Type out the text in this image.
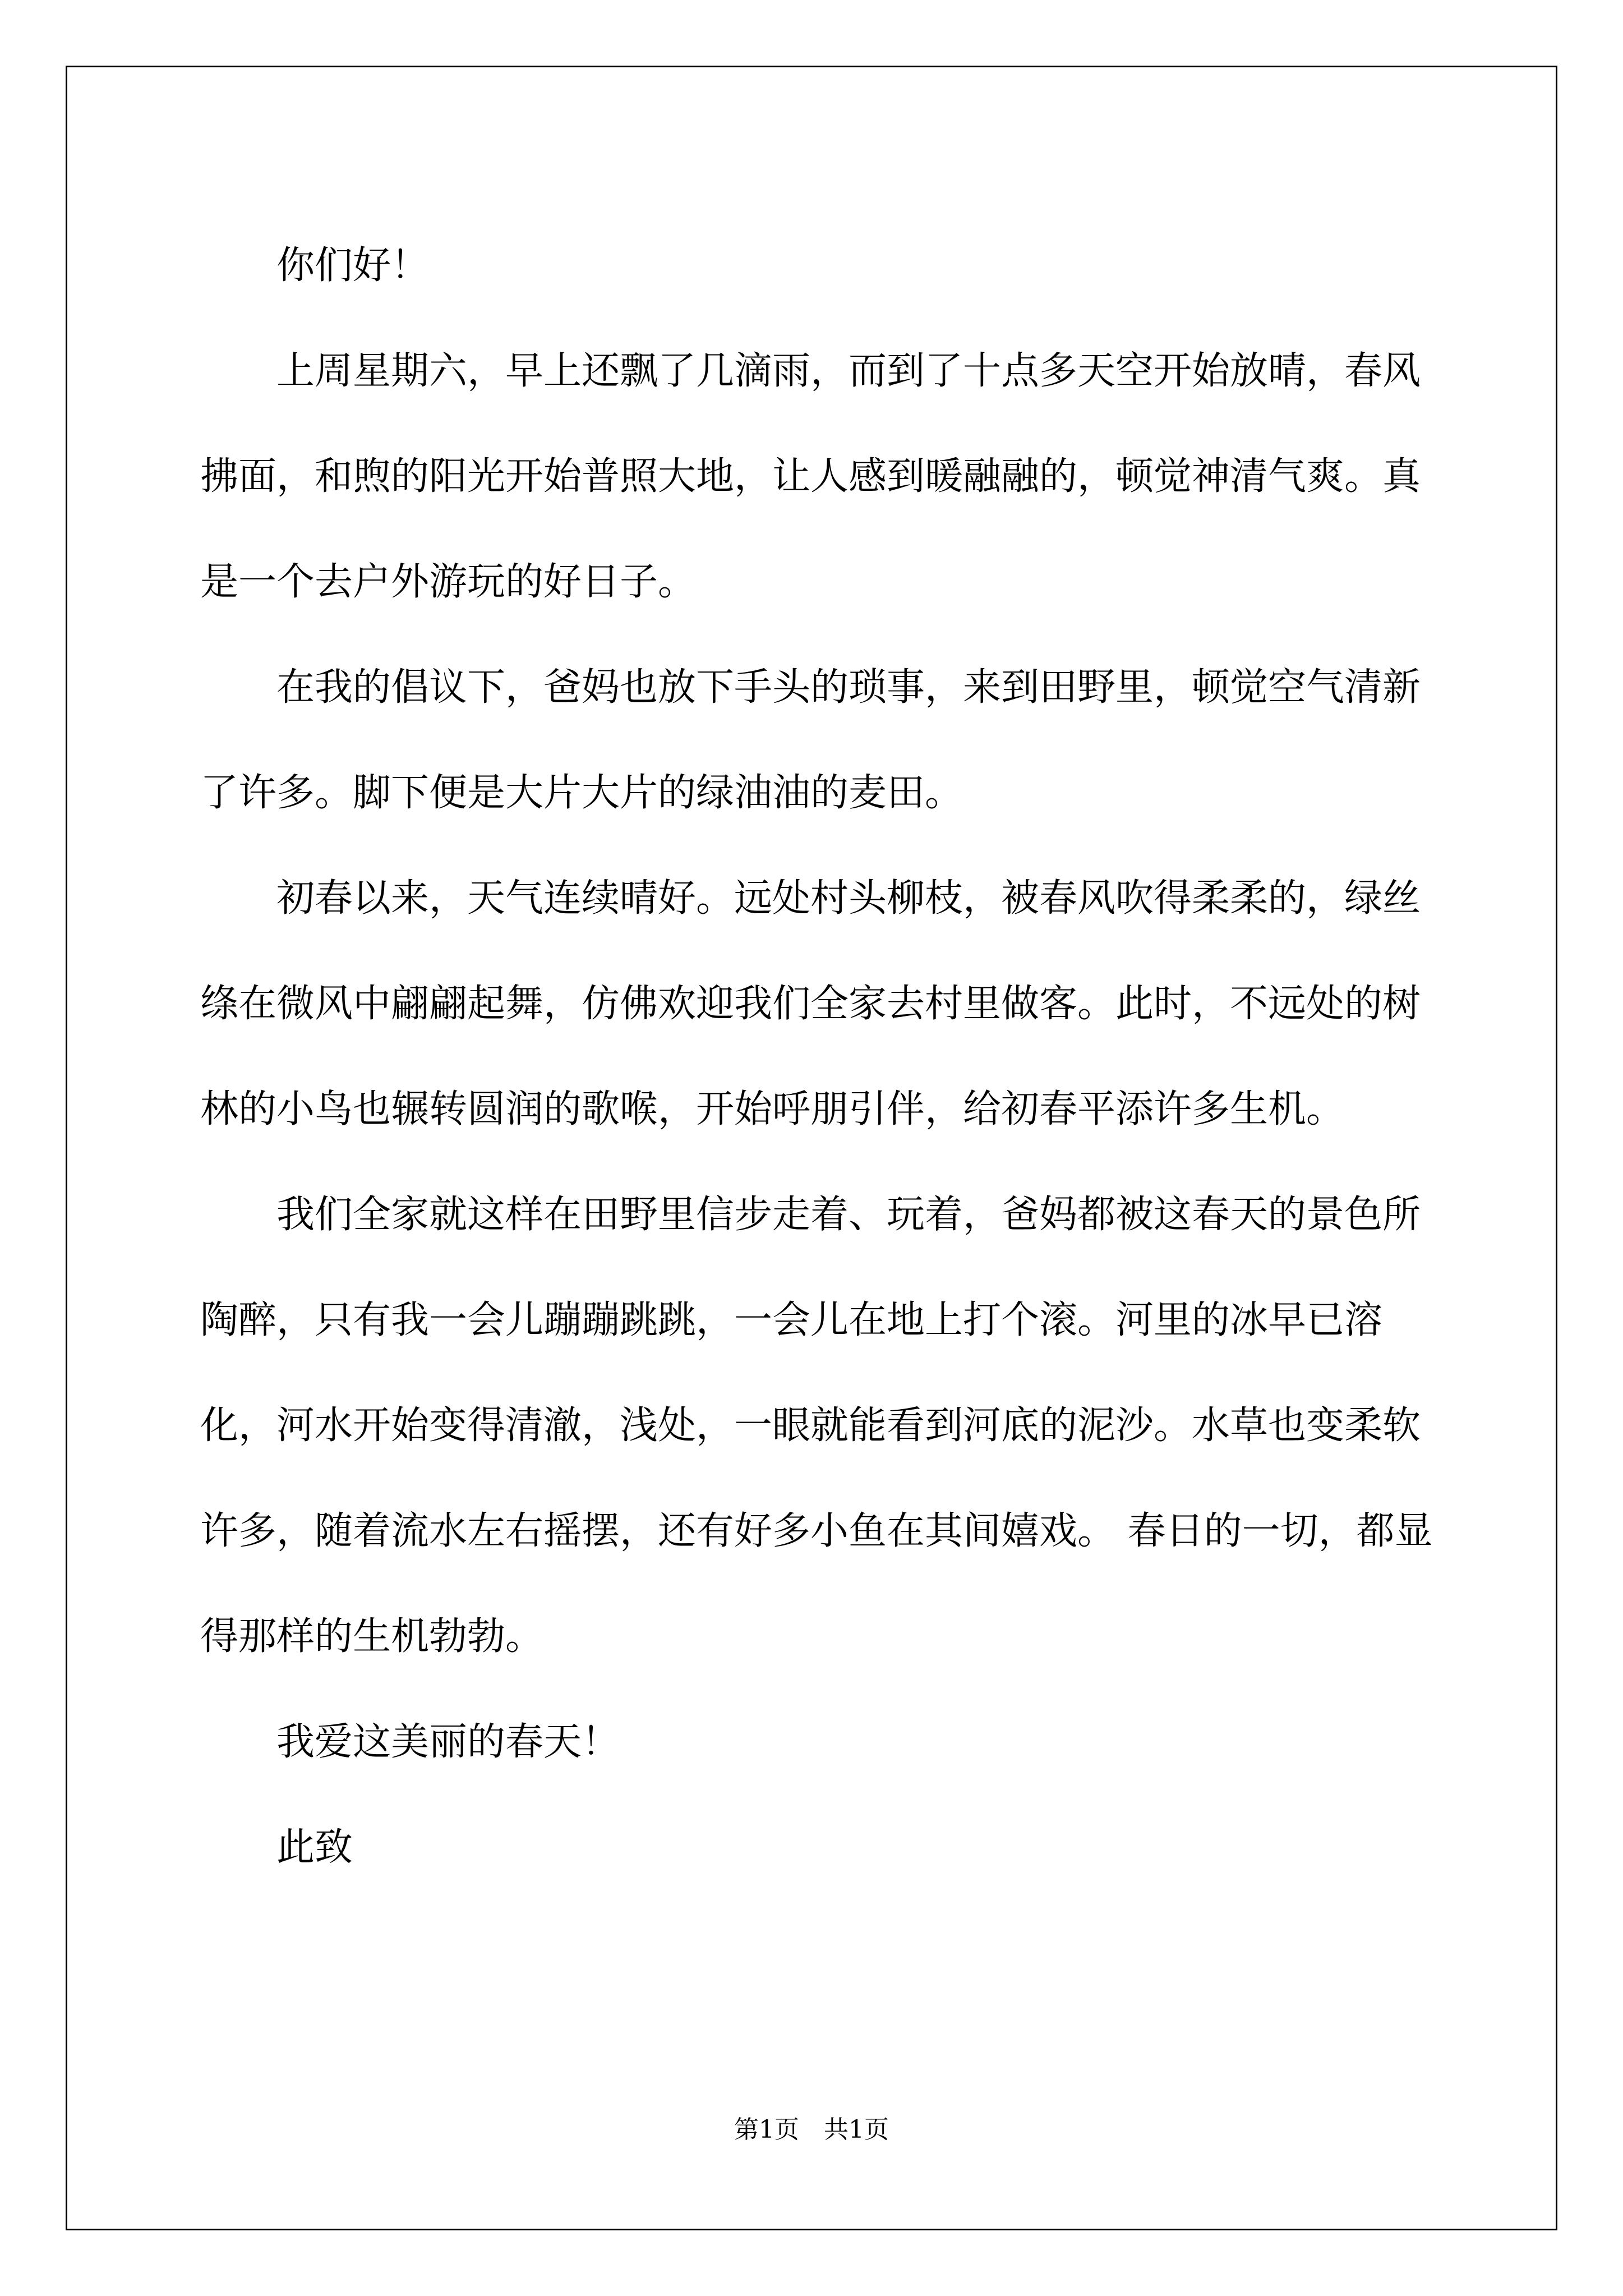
你们好！

上周星期六，早上还飘了几滴雨，而到了十点多天空开始放晴，春风拂面，和煦的阳光开始普照大地，让人感到暖融融的，顿觉神清气爽。真是一个去户外游玩的好日子。

在我的倡议下，爸妈也放下手头的琐事，来到田野里，顿觉空气清新了许多。脚下便是大片大片的绿油油的麦田。

初春以来，天气连续晴好。远处村头柳枝，被春风吹得柔柔的，绿丝绦在微风中翩翩起舞，仿佛欢迎我们全家去村里做客。此时，不远处的树林的小鸟也辗转圆润的歌喉，开始呼朋引伴，给初春平添许多生机。

我们全家就这样在田野里信步走着、玩着，爸妈都被这春天的景色所陶醉，只有我一会儿蹦蹦跳跳，一会儿在地上打个滚。河里的冰早已溶化，河水开始变得清澈，浅处，一眼就能看到河底的泥沙。水草也变柔软许多，随着流水左右摇摆，还有好多小鱼在其间嬉戏。 春日的一切，都显得那样的生机勃勃。

我爱这美丽的春天！

此致

第1页　共1页
